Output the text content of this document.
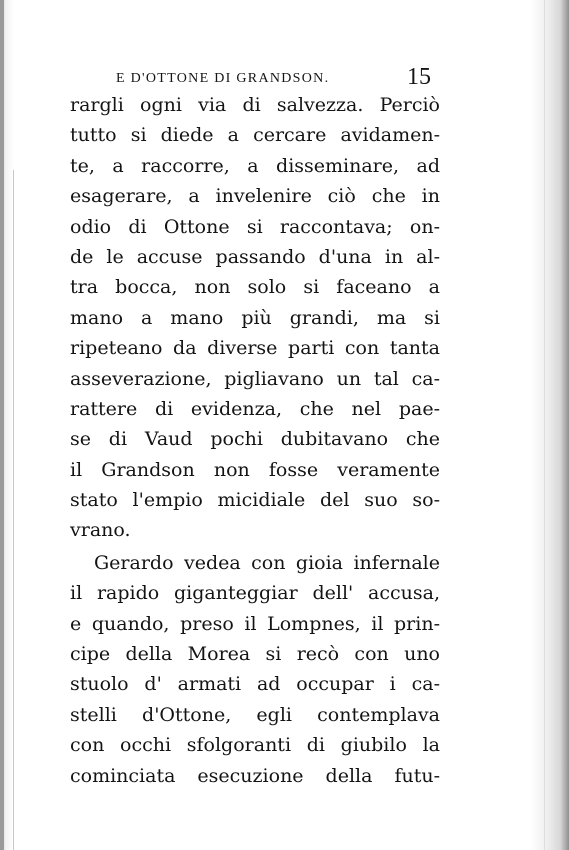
E D'OTTONE DI GRANDSON.	15
rargli ogni via di salvezza. Perciò
tutto si diede a cercare avidamen-
te, a raccorre, a disseminare, ad
esagerare, a invelenire ciò che in
odio di Ottone si raccontava; on-
de le accuse passando d'una in al-
tra bocca, non solo si faceano a
mano a mano più grandi, ma si
ripeteano da diverse parti con tanta
asseverazione, pigliavano un tal ca-
rattere di evidenza, che nel pae-
se di Vaud pochi dubitavano che
il Grandson non fosse veramente
stato l'empio micidiale del suo so-
vrano.
Gerardo vedea con gioia infernale
il rapido giganteggiar dell' accusa,
e quando, preso il Lompnes, il prin-
cipe della Morea si recò con uno
stuolo d' armati ad occupar i ca-
stelli d'Ottone, egli contemplava
con occhi sfolgoranti di giubilo la
cominciata esecuzione della futu-
